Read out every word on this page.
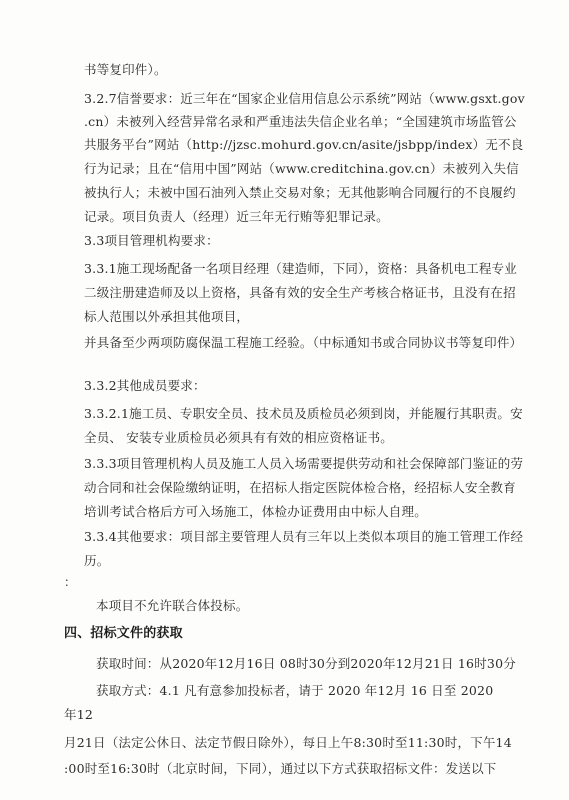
书等复印件）。
3.2.7信誉要求：近三年在“国家企业信用信息公示系统”网站（www.gsxt.gov
.cn）未被列入经营异常名录和严重违法失信企业名单；“全国建筑市场监管公
共服务平台”网站（http://jzsc.mohurd.gov.cn/asite/jsbpp/index）无不良
行为记录；且在“信用中国”网站（www.creditchina.gov.cn）未被列入失信
被执行人；未被中国石油列入禁止交易对象；无其他影响合同履行的不良履约
记录。项目负责人（经理）近三年无行贿等犯罪记录。
3.3项目管理机构要求：
3.3.1施工现场配备一名项目经理（建造师，下同），资格：具备机电工程专业
二级注册建造师及以上资格，具备有效的安全生产考核合格证书，且没有在招
标人范围以外承担其他项目，
并具备至少两项防腐保温工程施工经验。（中标通知书或合同协议书等复印件）
3.3.2其他成员要求：
3.3.2.1施工员、专职安全员、技术员及质检员必须到岗，并能履行其职责。安
全员、 安装专业质检员必须具有有效的相应资格证书。
3.3.3项目管理机构人员及施工人员入场需要提供劳动和社会保障部门鉴证的劳
动合同和社会保险缴纳证明，在招标人指定医院体检合格，经招标人安全教育
培训考试合格后方可入场施工，体检办证费用由中标人自理。
3.3.4其他要求：项目部主要管理人员有三年以上类似本项目的施工管理工作经
历。
：
本项目不允许联合体投标。
四、招标文件的获取
获取时间：从2020年12月16日 08时30分到2020年12月21日 16时30分
获取方式：4.1 凡有意参加投标者，请于 2020 年12月 16 日至 2020
年12
月21日（法定公休日、法定节假日除外），每日上午8:30时至11:30时，下午14
:00时至16:30时（北京时间，下同），通过以下方式获取招标文件：发送以下
